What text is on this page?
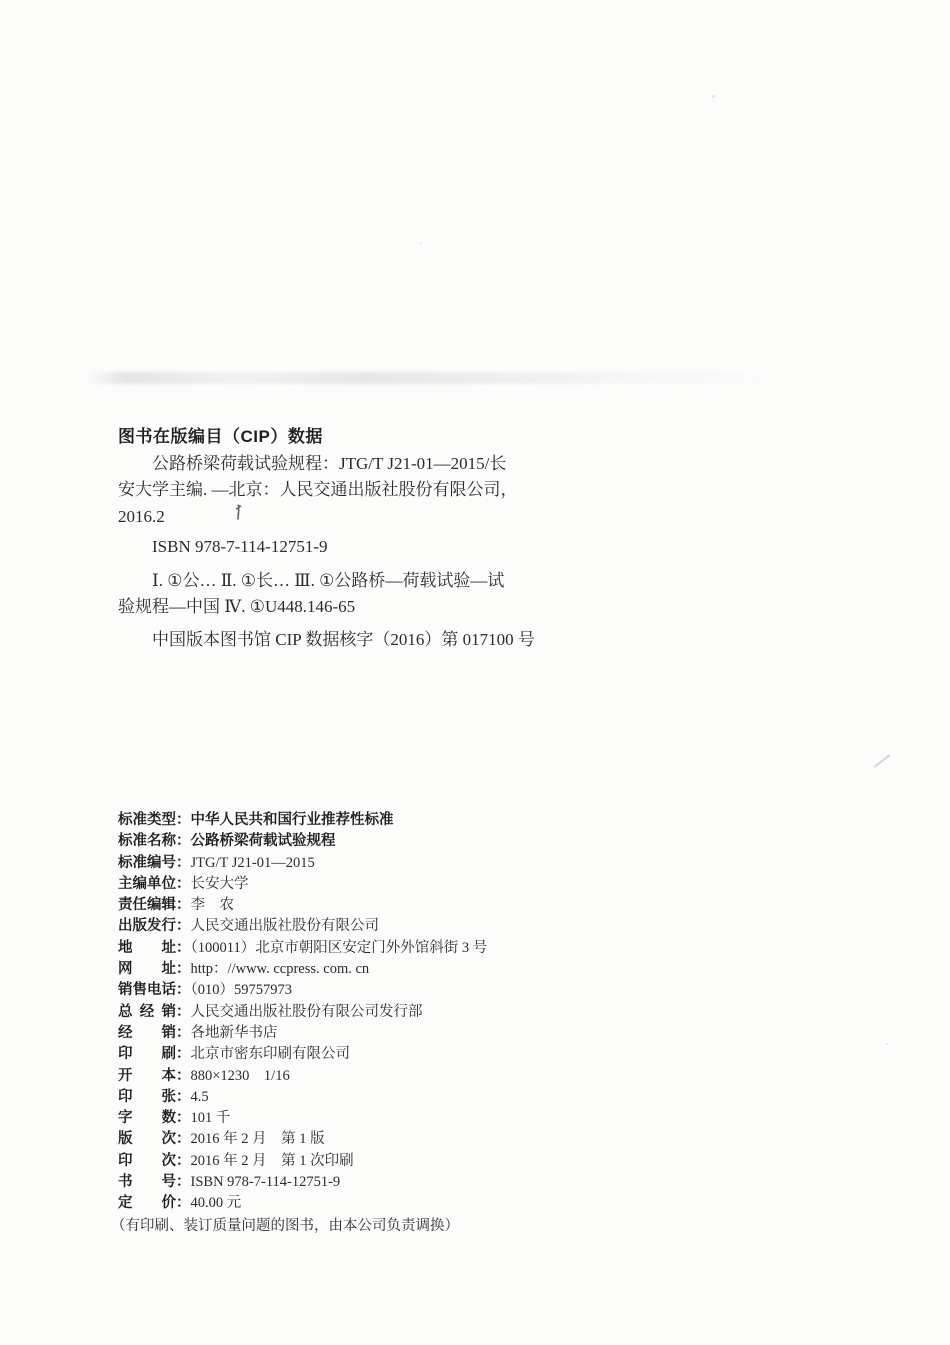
图书在版编目（CIP）数据

公路桥梁荷载试验规程：JTG/T J21-01—2015/长

安大学主编. —北京：人民交通出版社股份有限公司，

2016.2

ISBN 978-7-114-12751-9

Ⅰ. ①公… Ⅱ. ①长… Ⅲ. ①公路桥—荷载试验—试

验规程—中国 Ⅳ. ①U448.146-65

中国版本图书馆 CIP 数据核字（2016）第 017100 号

标准类型：中华人民共和国行业推荐性标准
标准名称：公路桥梁荷载试验规程
标准编号：JTG/T J21-01—2015
主编单位：长安大学
责任编辑：李　农
出版发行：人民交通出版社股份有限公司
地址：（100011）北京市朝阳区安定门外外馆斜街 3 号
网址：http：//www. ccpress. com. cn
销售电话：（010）59757973
总经销：人民交通出版社股份有限公司发行部
经销：各地新华书店
印刷：北京市密东印刷有限公司
开本：880×1230　1/16
印张：4.5
字数：101 千
版次：2016 年 2 月　第 1 版
印次：2016 年 2 月　第 1 次印刷
书号：ISBN 978-7-114-12751-9
定价：40.00 元

（有印刷、装订质量问题的图书，由本公司负责调换）
